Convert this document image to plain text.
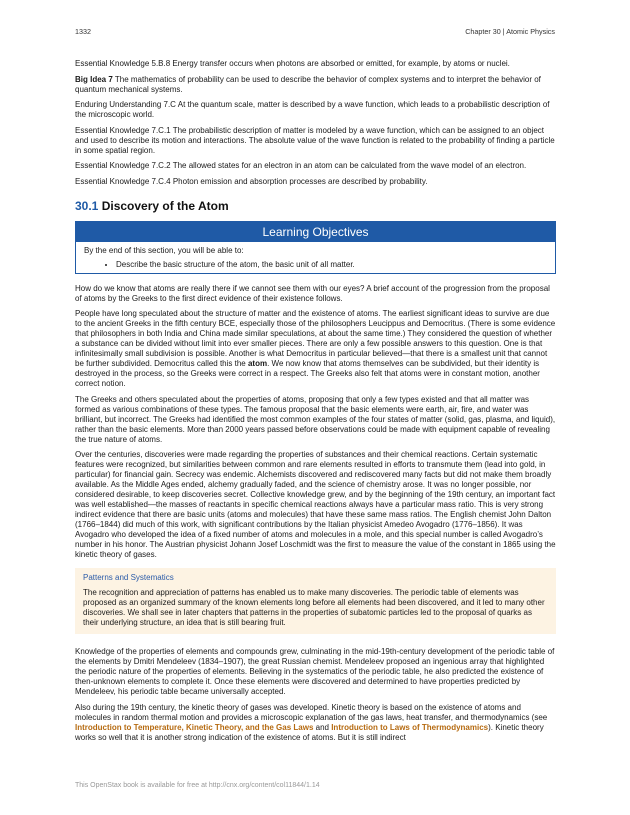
1332	Chapter 30 | Atomic Physics

Essential Knowledge 5.B.8 Energy transfer occurs when photons are absorbed or emitted, for example, by atoms or nuclei.

Big Idea 7 The mathematics of probability can be used to describe the behavior of complex systems and to interpret the behavior of quantum mechanical systems.

Enduring Understanding 7.C At the quantum scale, matter is described by a wave function, which leads to a probabilistic description of the microscopic world.

Essential Knowledge 7.C.1 The probabilistic description of matter is modeled by a wave function, which can be assigned to an object and used to describe its motion and interactions. The absolute value of the wave function is related to the probability of finding a particle in some spatial region.

Essential Knowledge 7.C.2 The allowed states for an electron in an atom can be calculated from the wave model of an electron.

Essential Knowledge 7.C.4 Photon emission and absorption processes are described by probability.

30.1 Discovery of the Atom
Learning Objectives
By the end of this section, you will be able to:
• Describe the basic structure of the atom, the basic unit of all matter.

How do we know that atoms are really there if we cannot see them with our eyes? A brief account of the progression from the proposal of atoms by the Greeks to the first direct evidence of their existence follows.

People have long speculated about the structure of matter and the existence of atoms. The earliest significant ideas to survive are due to the ancient Greeks in the fifth century BCE, especially those of the philosophers Leucippus and Democritus. (There is some evidence that philosophers in both India and China made similar speculations, at about the same time.) They considered the question of whether a substance can be divided without limit into ever smaller pieces. There are only a few possible answers to this question. One is that infinitesimally small subdivision is possible. Another is what Democritus in particular believed—that there is a smallest unit that cannot be further subdivided. Democritus called this the atom. We now know that atoms themselves can be subdivided, but their identity is destroyed in the process, so the Greeks were correct in a respect. The Greeks also felt that atoms were in constant motion, another correct notion.

The Greeks and others speculated about the properties of atoms, proposing that only a few types existed and that all matter was formed as various combinations of these types. The famous proposal that the basic elements were earth, air, fire, and water was brilliant, but incorrect. The Greeks had identified the most common examples of the four states of matter (solid, gas, plasma, and liquid), rather than the basic elements. More than 2000 years passed before observations could be made with equipment capable of revealing the true nature of atoms.

Over the centuries, discoveries were made regarding the properties of substances and their chemical reactions. Certain systematic features were recognized, but similarities between common and rare elements resulted in efforts to transmute them (lead into gold, in particular) for financial gain. Secrecy was endemic. Alchemists discovered and rediscovered many facts but did not make them broadly available. As the Middle Ages ended, alchemy gradually faded, and the science of chemistry arose. It was no longer possible, nor considered desirable, to keep discoveries secret. Collective knowledge grew, and by the beginning of the 19th century, an important fact was well established—the masses of reactants in specific chemical reactions always have a particular mass ratio. This is very strong indirect evidence that there are basic units (atoms and molecules) that have these same mass ratios. The English chemist John Dalton (1766–1844) did much of this work, with significant contributions by the Italian physicist Amedeo Avogadro (1776–1856). It was Avogadro who developed the idea of a fixed number of atoms and molecules in a mole, and this special number is called Avogadro’s number in his honor. The Austrian physicist Johann Josef Loschmidt was the first to measure the value of the constant in 1865 using the kinetic theory of gases.

Patterns and Systematics

The recognition and appreciation of patterns has enabled us to make many discoveries. The periodic table of elements was proposed as an organized summary of the known elements long before all elements had been discovered, and it led to many other discoveries. We shall see in later chapters that patterns in the properties of subatomic particles led to the proposal of quarks as their underlying structure, an idea that is still bearing fruit.

Knowledge of the properties of elements and compounds grew, culminating in the mid-19th-century development of the periodic table of the elements by Dmitri Mendeleev (1834–1907), the great Russian chemist. Mendeleev proposed an ingenious array that highlighted the periodic nature of the properties of elements. Believing in the systematics of the periodic table, he also predicted the existence of then-unknown elements to complete it. Once these elements were discovered and determined to have properties predicted by Mendeleev, his periodic table became universally accepted.

Also during the 19th century, the kinetic theory of gases was developed. Kinetic theory is based on the existence of atoms and molecules in random thermal motion and provides a microscopic explanation of the gas laws, heat transfer, and thermodynamics (see Introduction to Temperature, Kinetic Theory, and the Gas Laws and Introduction to Laws of Thermodynamics). Kinetic theory works so well that it is another strong indication of the existence of atoms. But it is still indirect

This OpenStax book is available for free at http://cnx.org/content/col11844/1.14
